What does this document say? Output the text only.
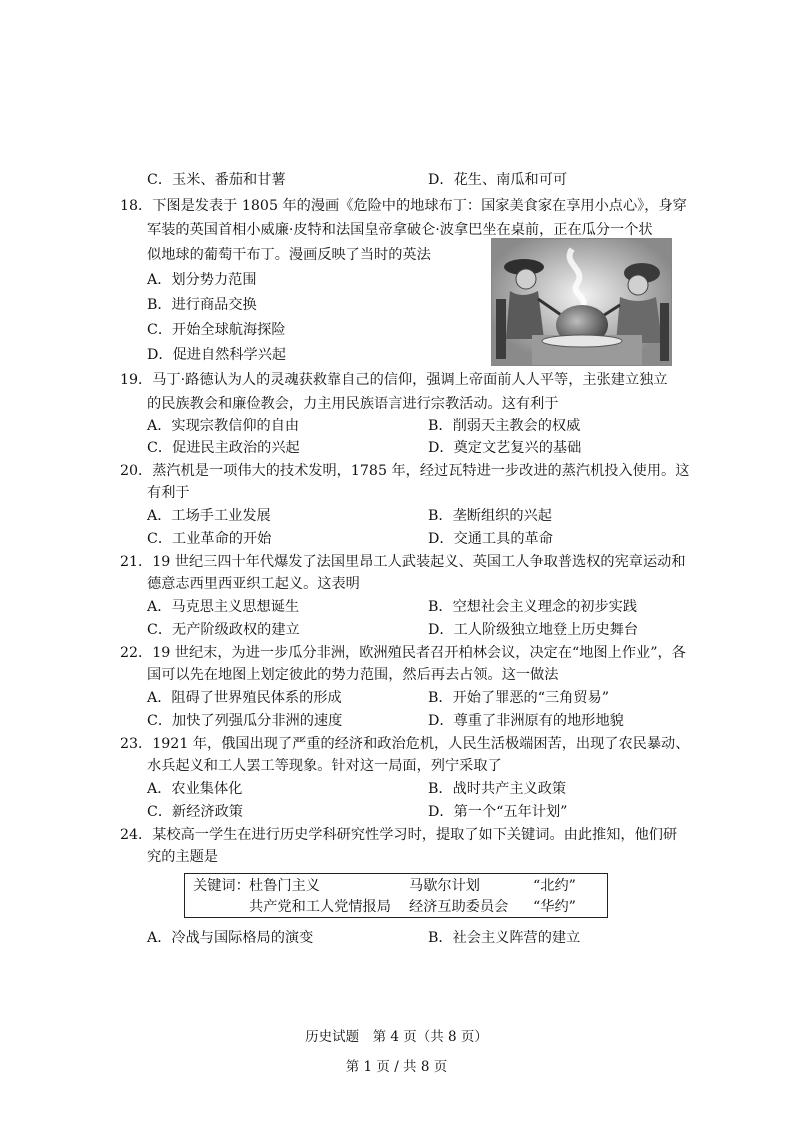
C．玉米、番茄和甘薯	D．花生、南瓜和可可
18．下图是发表于 1805 年的漫画《危险中的地球布丁：国家美食家在享用小点心》，身穿
军装的英国首相小威廉·皮特和法国皇帝拿破仑·波拿巴坐在桌前，正在瓜分一个状
似地球的葡萄干布丁。漫画反映了当时的英法
A．划分势力范围
B．进行商品交换
C．开始全球航海探险
D．促进自然科学兴起
19．马丁·路德认为人的灵魂获救靠自己的信仰，强调上帝面前人人平等，主张建立独立
的民族教会和廉俭教会，力主用民族语言进行宗教活动。这有利于
A．实现宗教信仰的自由	B．削弱天主教会的权威
C．促进民主政治的兴起	D．奠定文艺复兴的基础
20．蒸汽机是一项伟大的技术发明，1785 年，经过瓦特进一步改进的蒸汽机投入使用。这
有利于
A．工场手工业发展	B．垄断组织的兴起
C．工业革命的开始	D．交通工具的革命
21．19 世纪三四十年代爆发了法国里昂工人武装起义、英国工人争取普选权的宪章运动和
德意志西里西亚织工起义。这表明
A．马克思主义思想诞生	B．空想社会主义理念的初步实践
C．无产阶级政权的建立	D．工人阶级独立地登上历史舞台
22．19 世纪末，为进一步瓜分非洲，欧洲殖民者召开柏林会议，决定在“地图上作业”，各
国可以先在地图上划定彼此的势力范围，然后再去占领。这一做法
A．阻碍了世界殖民体系的形成	B．开始了罪恶的“三角贸易”
C．加快了列强瓜分非洲的速度	D．尊重了非洲原有的地形地貌
23．1921 年，俄国出现了严重的经济和政治危机，人民生活极端困苦，出现了农民暴动、
水兵起义和工人罢工等现象。针对这一局面，列宁采取了
A．农业集体化	B．战时共产主义政策
C．新经济政策	D．第一个“五年计划”
24．某校高一学生在进行历史学科研究性学习时，提取了如下关键词。由此推知，他们研
究的主题是
关键词： 杜鲁门主义	马歇尔计划	“北约”
共产党和工人党情报局 经济互助委员会 “华约”
A．冷战与国际格局的演变	B．社会主义阵营的建立
历史试题　第 4 页（共 8 页）
第 1 页 / 共 8 页
